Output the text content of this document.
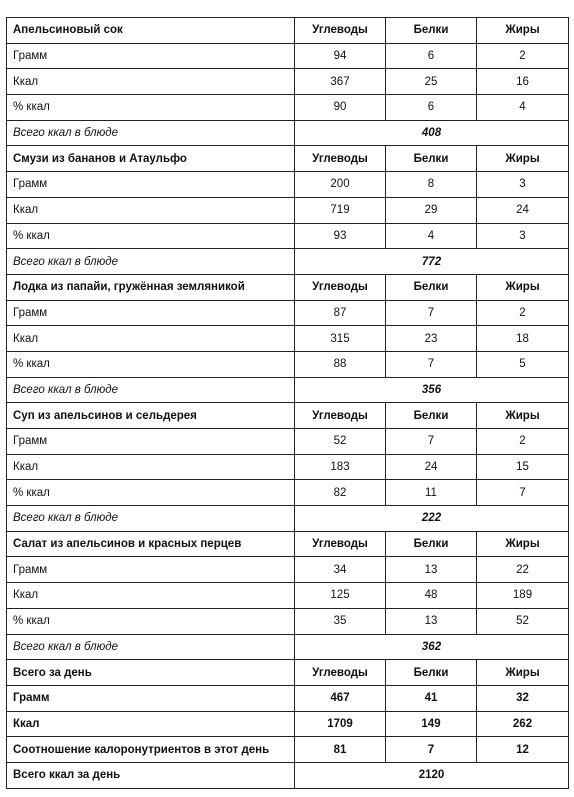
Апельсиновый сок	Углеводы	Белки	Жиры
Грамм	94	6	2
Ккал	367	25	16
% ккал	90	6	4
Всего ккал в блюде	408		
Смузи из бананов и Атаульфо	Углеводы	Белки	Жиры
Грамм	200	8	3
Ккал	719	29	24
% ккал	93	4	3
Всего ккал в блюде	772		
Лодка из папайи, гружённая земляникой	Углеводы	Белки	Жиры
Грамм	87	7	2
Ккал	315	23	18
% ккал	88	7	5
Всего ккал в блюде	356		
Суп из апельсинов и сельдерея	Углеводы	Белки	Жиры
Грамм	52	7	2
Ккал	183	24	15
% ккал	82	11	7
Всего ккал в блюде	222		
Салат из апельсинов и красных перцев	Углеводы	Белки	Жиры
Грамм	34	13	22
Ккал	125	48	189
% ккал	35	13	52
Всего ккал в блюде	362		
Всего за день	Углеводы	Белки	Жиры
Грамм	467	41	32
Ккал	1709	149	262
Соотношение калоронутриентов в этот день	81	7	12
Всего ккал за день	2120		
